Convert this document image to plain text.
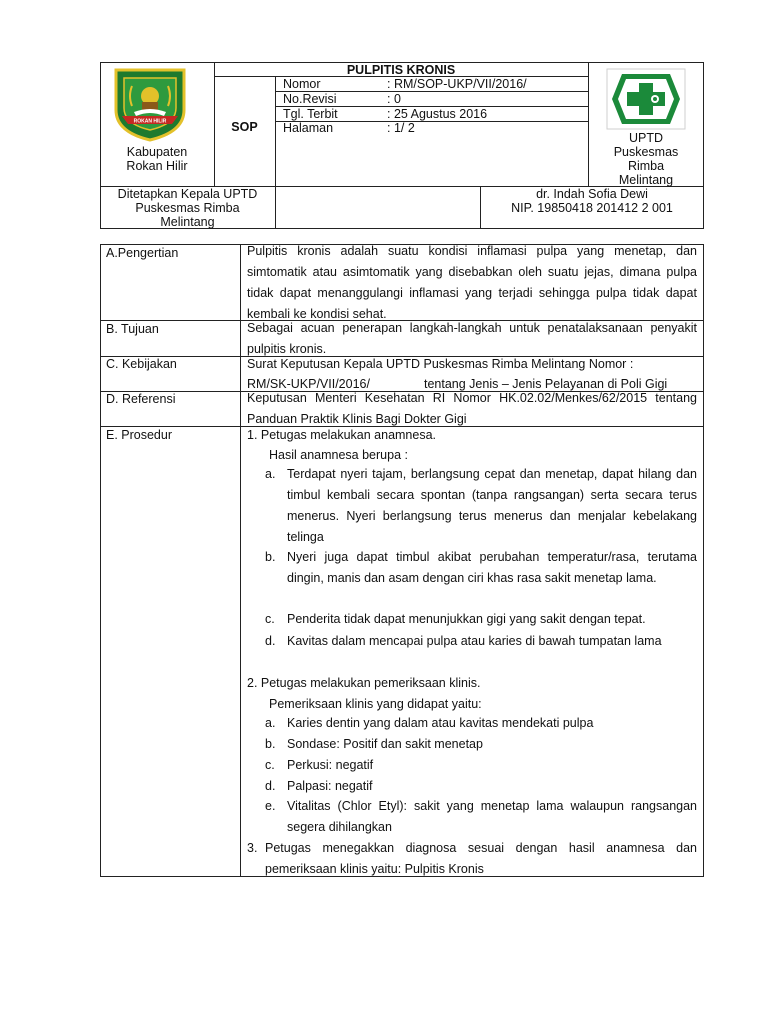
ROKAN HILIR
Kabupaten
Rokan Hilir
PULPITIS KRONIS
SOP
Nomor	: RM/SOP-UKP/VII/2016/
No.Revisi	: 0
Tgl. Terbit	: 25 Agustus 2016
Halaman	: 1/ 2
UPTD
Puskesmas
Rimba
Melintang
Ditetapkan Kepala UPTD
Puskesmas Rimba
Melintang
dr. Indah Sofia Dewi
NIP. 19850418 201412 2 001
A.Pengertian	Pulpitis kronis adalah suatu kondisi inflamasi pulpa yang menetap, dan simtomatik atau asimtomatik yang disebabkan oleh suatu jejas, dimana pulpa tidak dapat menanggulangi inflamasi yang terjadi sehingga pulpa tidak dapat kembali ke kondisi sehat.
B. Tujuan	Sebagai acuan penerapan langkah-langkah untuk penatalaksanaan penyakit pulpitis kronis.
C. Kebijakan	Surat Keputusan Kepala UPTD Puskesmas Rimba Melintang Nomor :
RM/SK-UKP/VII/2016/	tentang Jenis – Jenis Pelayanan di Poli Gigi
D. Referensi	Keputusan Menteri Kesehatan RI Nomor HK.02.02/Menkes/62/2015 tentang Panduan Praktik Klinis Bagi Dokter Gigi
E. Prosedur	1. Petugas melakukan anamnesa.
Hasil anamnesa berupa :
a. Terdapat nyeri tajam, berlangsung cepat dan menetap, dapat hilang dan timbul kembali secara spontan (tanpa rangsangan) serta secara terus menerus. Nyeri berlangsung terus menerus dan menjalar kebelakang telinga
b. Nyeri juga dapat timbul akibat perubahan temperatur/rasa, terutama dingin, manis dan asam dengan ciri khas rasa sakit menetap lama.
c. Penderita tidak dapat menunjukkan gigi yang sakit dengan tepat.
d. Kavitas dalam mencapai pulpa atau karies di bawah tumpatan lama
2. Petugas melakukan pemeriksaan klinis.
Pemeriksaan klinis yang didapat yaitu:
a. Karies dentin yang dalam atau kavitas mendekati pulpa
b. Sondase: Positif dan sakit menetap
c. Perkusi: negatif
d. Palpasi: negatif
e. Vitalitas (Chlor Etyl): sakit yang menetap lama walaupun rangsangan segera dihilangkan
3. Petugas menegakkan diagnosa sesuai dengan hasil anamnesa dan pemeriksaan klinis yaitu: Pulpitis Kronis
